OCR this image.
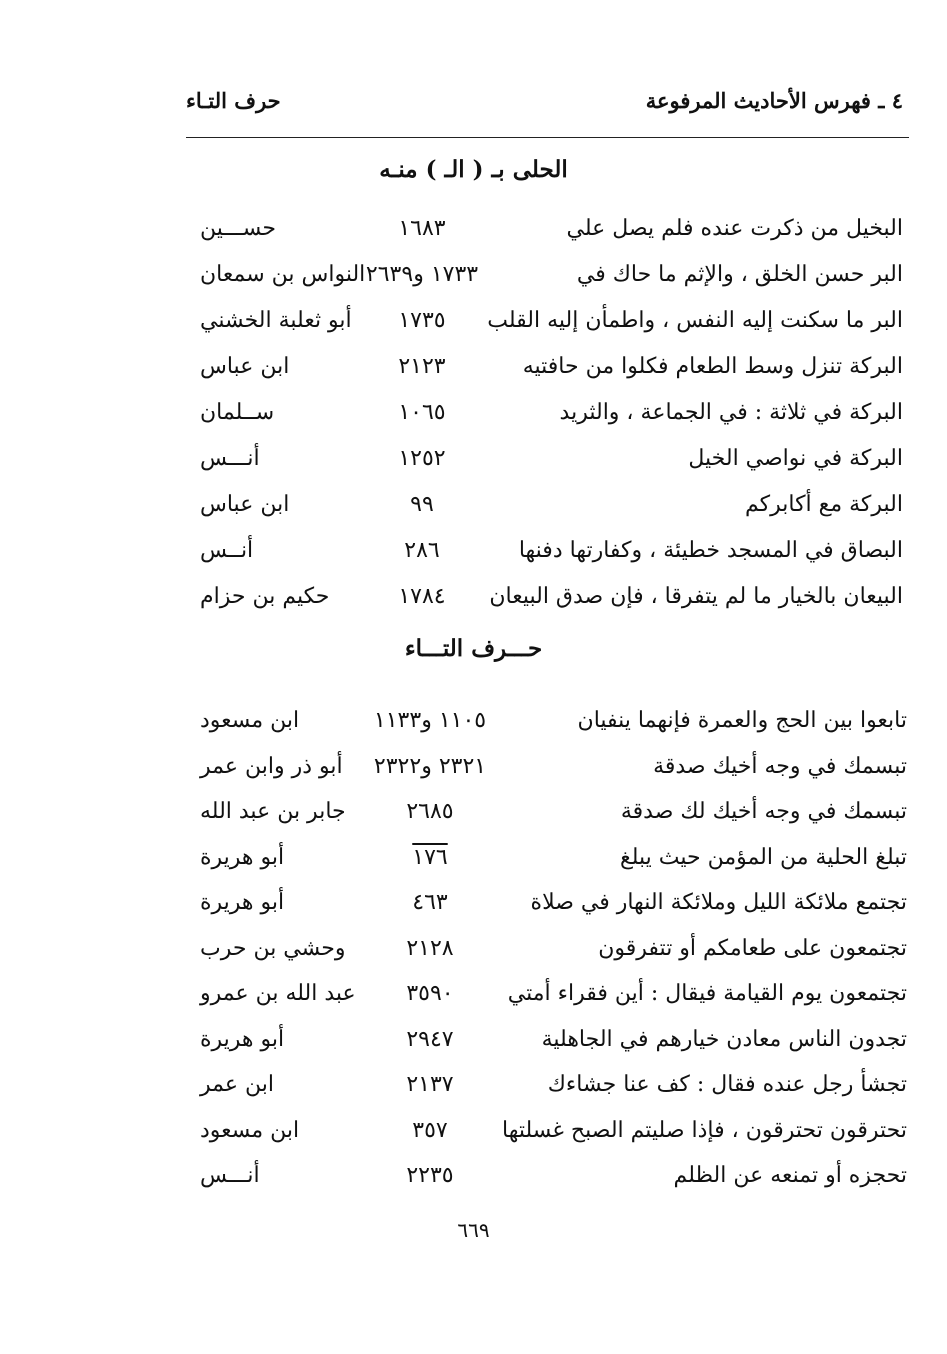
٤ ـ فهرس الأحاديث المرفوعة
حرف التـاء
الحلى بـ ( الـ ) منـه
البخيل من ذكرت عنده فلم يصل علي
١٦٨٣
حســـين
البر حسن الخلق ، والإثم ما حاك في
١٧٣٣ و٢٦٣٩
النواس بن سمعان
البر ما سكنت إليه النفس ، واطمأن إليه القلب
١٧٣٥
أبو ثعلبة الخشني
البركة تنزل وسط الطعام فكلوا من حافتيه
٢١٢٣
ابن عباس
البركة في ثلاثة : في الجماعة ، والثريد
١٠٦٥
ســلمان
البركة في نواصي الخيل
١٢٥٢
أنـــس
البركة مع أكابركم
٩٩
ابن عباس
البصاق في المسجد خطيئة ، وكفارتها دفنها
٢٨٦
أنــس
البيعان بالخيار ما لم يتفرقا ، فإن صدق البيعان
١٧٨٤
حكيم بن حزام
حـــرف التـــاء
تابعوا بين الحج والعمرة فإنهما ينفيان
١١٠٥ و١١٣٣
ابن مسعود
تبسمك في وجه أخيك صدقة
٢٣٢١ و٢٣٢٢
أبو ذر وابن عمر
تبسمك في وجه أخيك لك صدقة
٢٦٨٥
جابر بن عبد الله
تبلغ الحلية من المؤمن حيث يبلغ
١٧٦
أبو هريرة
تجتمع ملائكة الليل وملائكة النهار في صلاة
٤٦٣
أبو هريرة
تجتمعون على طعامكم أو تتفرقون
٢١٢٨
وحشي بن حرب
تجتمعون يوم القيامة فيقال : أين فقراء أمتي
٣٥٩٠
عبد الله بن عمرو
تجدون الناس معادن خيارهم في الجاهلية
٢٩٤٧
أبو هريرة
تجشأ رجل عنده فقال : كف عنا جشاءك
٢١٣٧
ابن عمر
تحترقون تحترقون ، فإذا صليتم الصبح غسلتها
٣٥٧
ابن مسعود
تحجزه أو تمنعه عن الظلم
٢٢٣٥
أنـــس
٦٦٩
